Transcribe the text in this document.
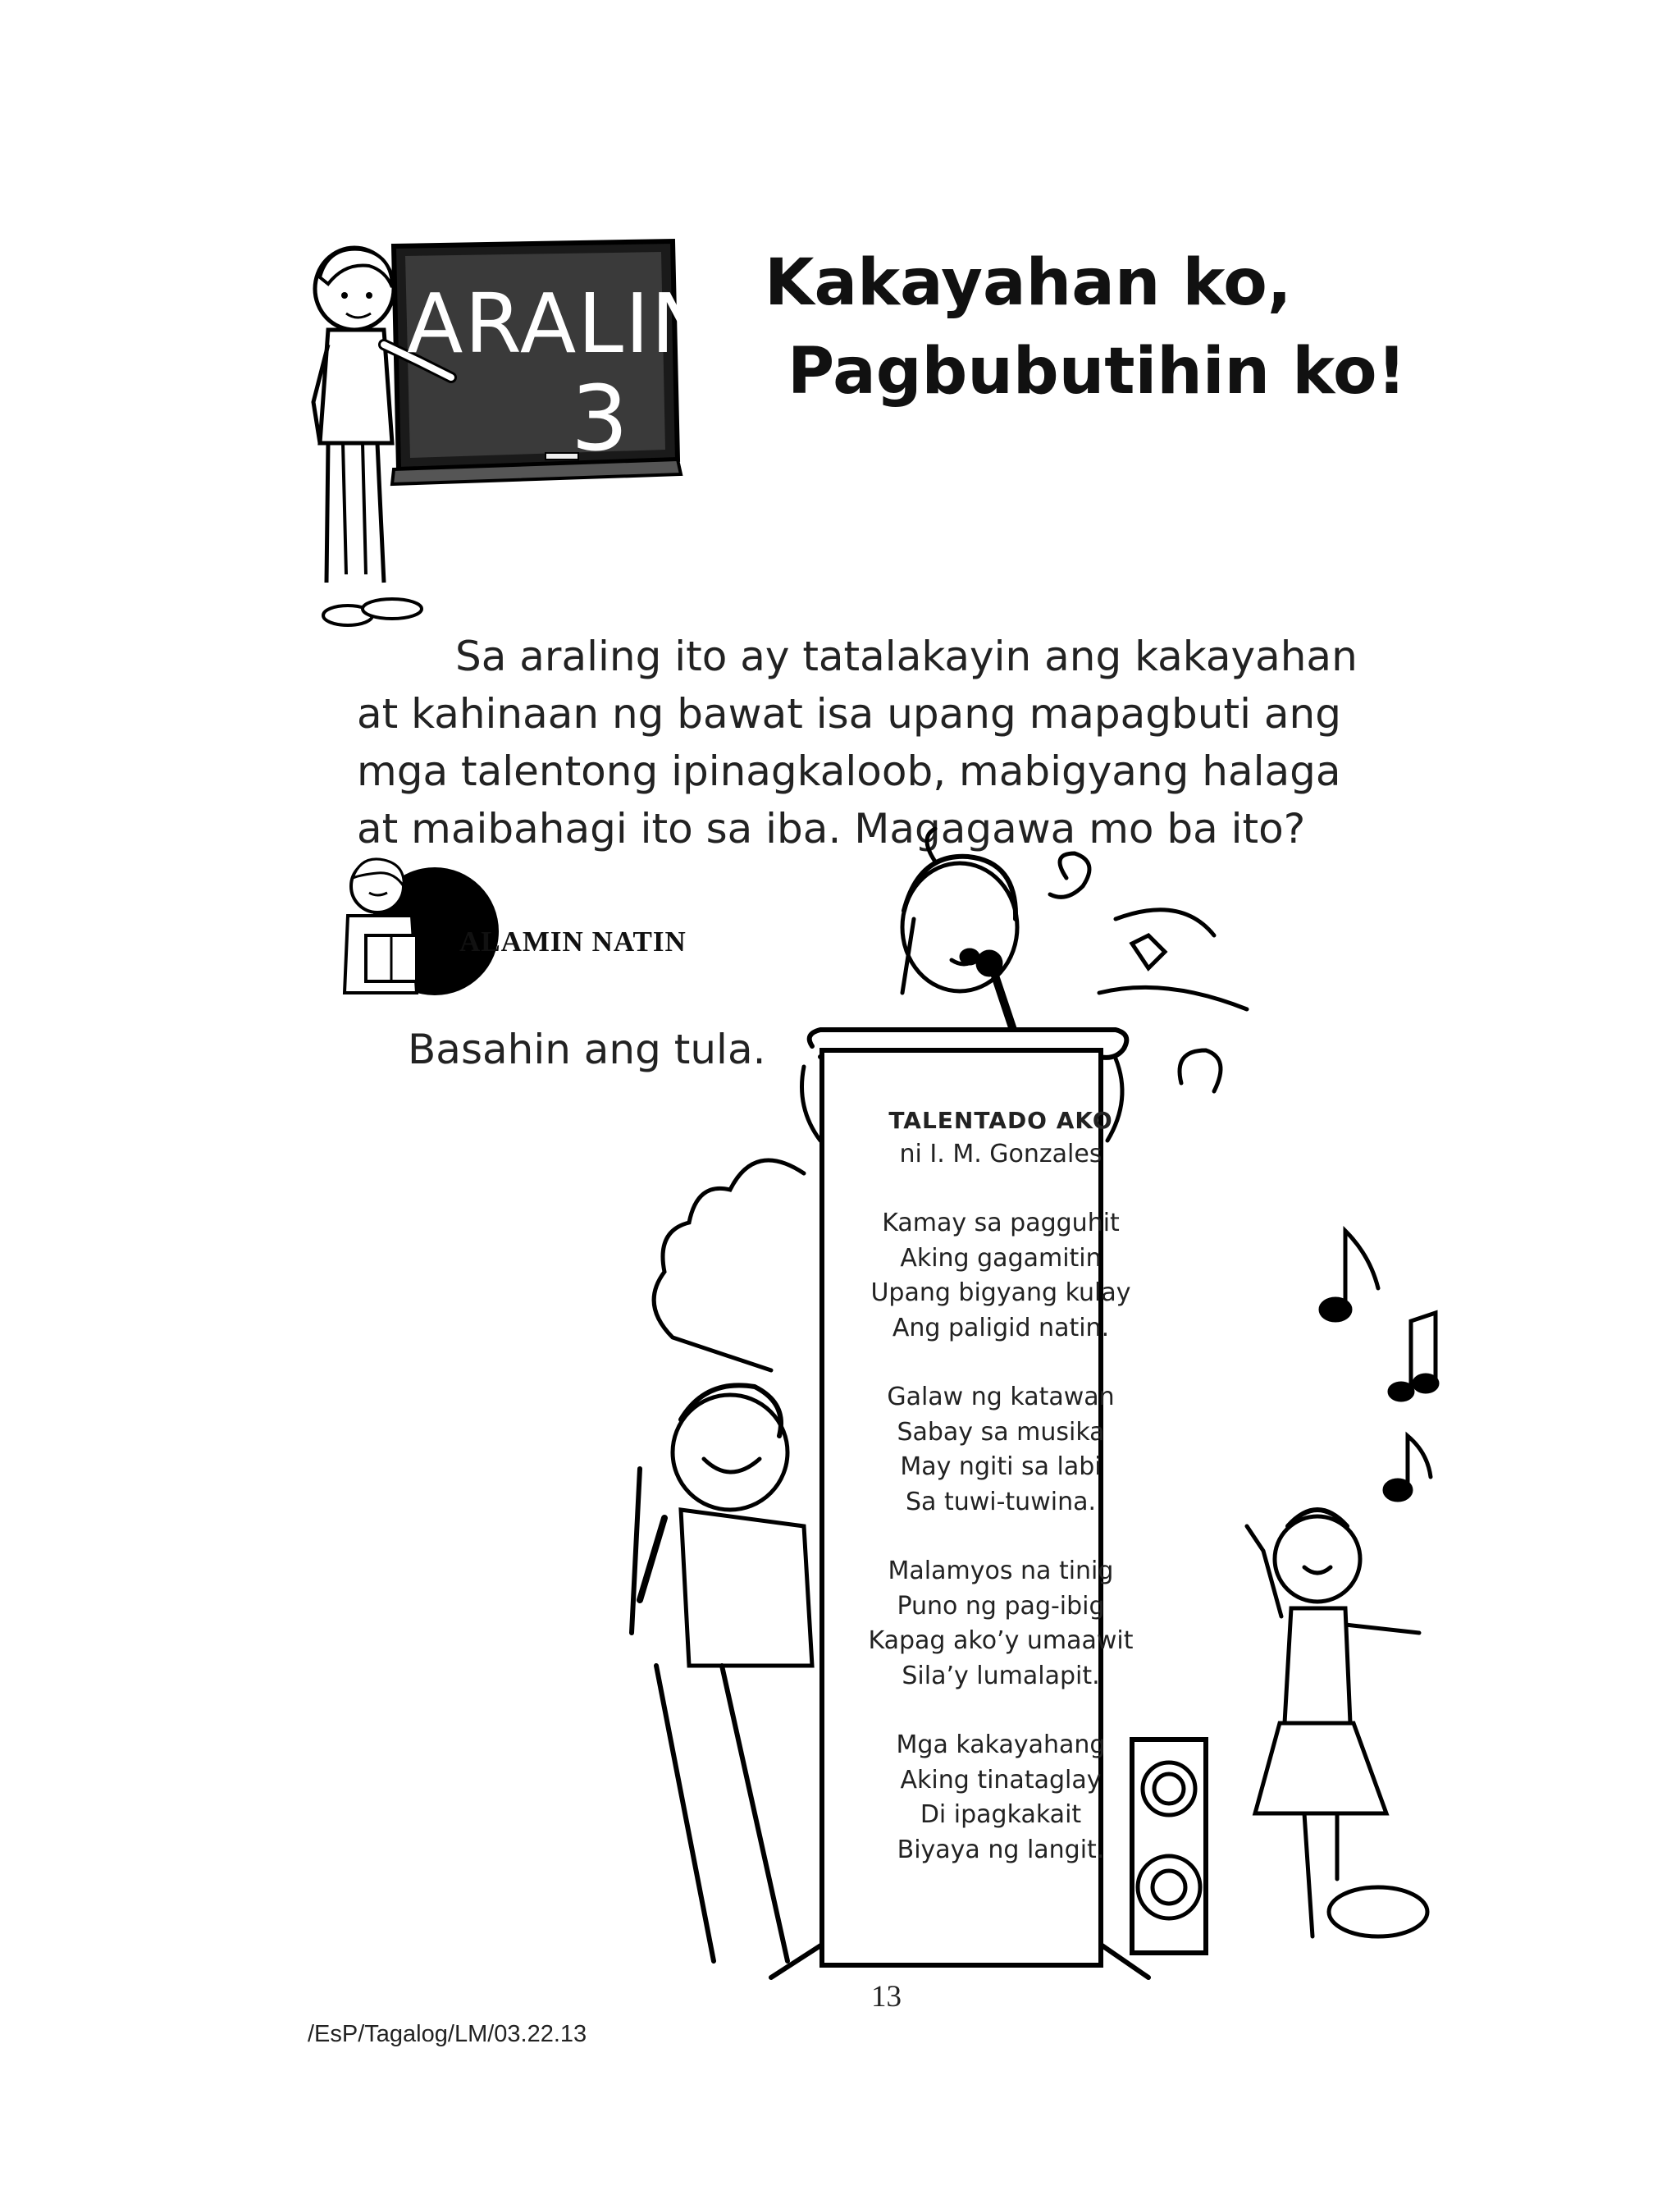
ARALIN
3
Kakayahan ko,
Pagbubutihin ko!

Sa araling ito ay tatalakayin ang kakayahan

at kahinaan ng bawat isa upang mapagbuti ang

mga talentong ipinagkaloob, mabigyang halaga

at maibahagi ito sa iba. Magagawa mo ba ito?

ALAMIN NATIN
Basahin ang tula.
TALENTADO AKO
ni I. M. Gonzales
Kamay sa pagguhit
Aking gagamitin
Upang bigyang kulay
Ang paligid natin.
Galaw ng katawan
Sabay sa musika
May ngiti sa labi
Sa tuwi-tuwina.
Malamyos na tinig
Puno ng pag-ibig
Kapag ako’y umaawit
Sila’y lumalapit.
Mga kakayahang
Aking tinataglay
Di ipagkakait
Biyaya ng langit.
13
/EsP/Tagalog/LM/03.22.13
